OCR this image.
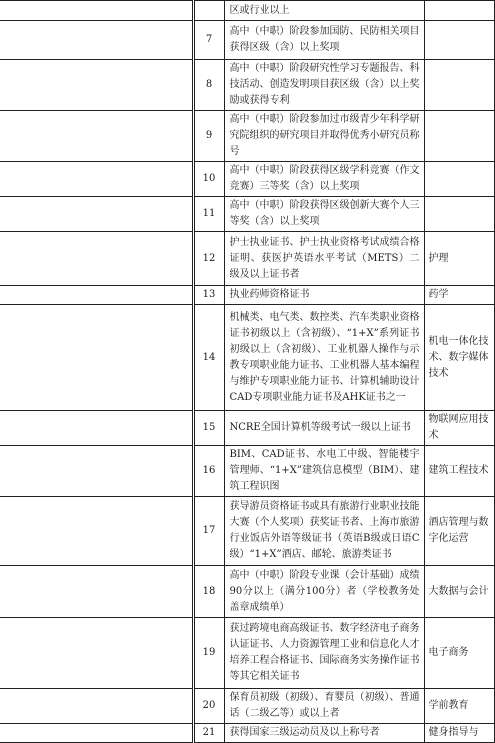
		区或行业以上	
	7	高中（中职）阶段参加国防、民防相关项目获得区级（含）以上奖项	
	8	高中（中职）阶段研究性学习专题报告、科技活动、创造发明项目获区级（含）以上奖励或获得专利	
	9	高中（中职）阶段参加过市级青少年科学研究院组织的研究项目并取得优秀小研究员称号	
	10	高中（中职）阶段获得区级学科竞赛（作文竞赛）三等奖（含）以上奖项	
	11	高中（中职）阶段获得区级创新大赛个人三等奖（含）以上奖项	
	12	护士执业证书、护士执业资格考试成绩合格证明、获医护英语水平考试（METS）二级及以上证书者	护理
	13	执业药师资格证书	药学
	14	机械类、电气类、数控类、汽车类职业资格证书初级以上（含初级）、“1+X”系列证书初级以上（含初级）、工业机器人操作与示教专项职业能力证书、工业机器人基本编程与维护专项职业能力证书、计算机辅助设计CAD专项职业能力证书及AHK证书之一	机电一体化技术、数字媒体技术
	15	NCRE全国计算机等级考试一级以上证书	物联网应用技术
	16	BIM、CAD证书、水电工中级、智能楼宇管理师、“1+X”建筑信息模型（BIM）、建筑工程识图	建筑工程技术
	17	获导游员资格证书或具有旅游行业职业技能大赛（个人奖项）获奖证书者、上海市旅游行业饭店外语等级证书（英语B级或日语C级）“1+X”酒店、邮轮、旅游类证书	酒店管理与数字化运营
	18	高中（中职）阶段专业课（会计基础）成绩90分以上（满分100分）者（学校教务处盖章成绩单）	大数据与会计
	19	获过跨境电商高级证书、数字经济电子商务认证证书、人力资源管理工业和信息化人才培养工程合格证书、国际商务实务操作证书等其它相关证书	电子商务
	20	保育员初级（初级）、育婴员（初级）、普通话（二级乙等）或以上者	学前教育
	21	获得国家三级运动员及以上称号者	健身指导与
